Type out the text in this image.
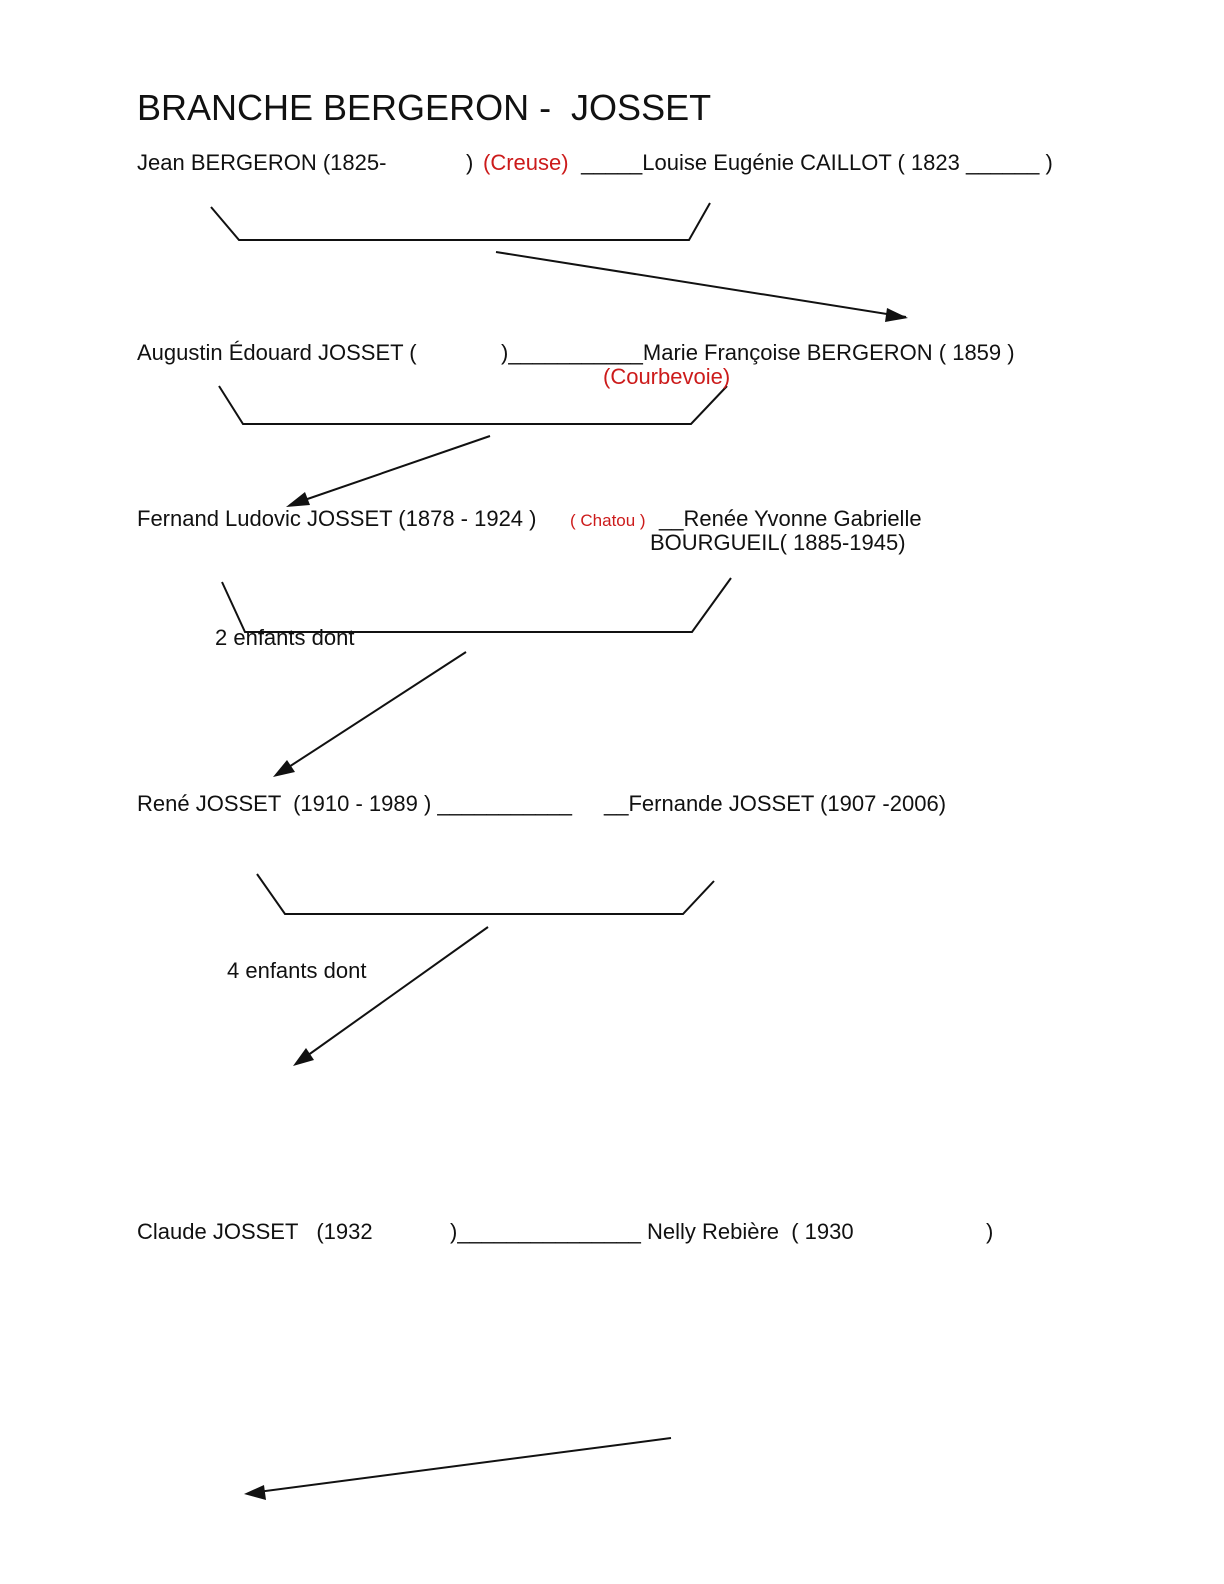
BRANCHE BERGERON -  JOSSET
Jean BERGERON (1825-	) (Creuse) _____Louise Eugénie CAILLOT ( 1823 ______ )
Augustin Édouard JOSSET (	)___________Marie Françoise BERGERON ( 1859 )
(Courbevoie)
Fernand Ludovic JOSSET (1878 - 1924 ) ( Chatou ) __Renée Yvonne Gabrielle
BOURGUEIL( 1885-1945)
2 enfants dont
René JOSSET  (1910 - 1989 ) ___________ __Fernande JOSSET (1907 -2006)
4 enfants dont
Claude JOSSET   (1932	)_______________ Nelly Rebière  ( 1930	)
